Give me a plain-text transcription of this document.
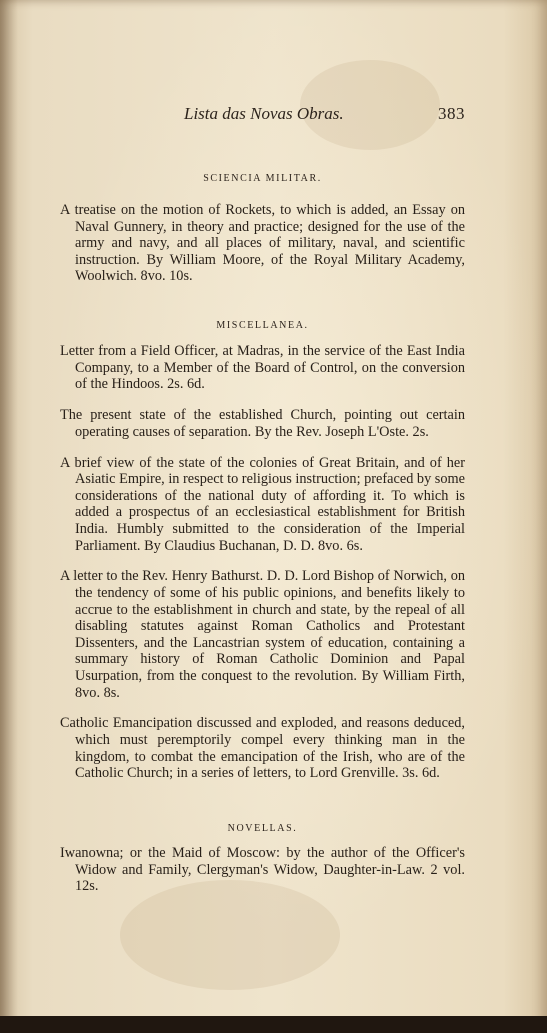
Lista das Novas Obras.	383
SCIENCIA MILITAR.

A treatise on the motion of Rockets, to which is added, an Essay on Naval Gunnery, in theory and practice; designed for the use of the army and navy, and all places of military, naval, and scientific instruction. By William Moore, of the Royal Military Academy, Woolwich. 8vo. 10s.

MISCELLANEA.

Letter from a Field Officer, at Madras, in the service of the East India Company, to a Member of the Board of Control, on the conversion of the Hindoos. 2s. 6d.

The present state of the established Church, pointing out certain operating causes of separation. By the Rev. Joseph L'Oste. 2s.

A brief view of the state of the colonies of Great Britain, and of her Asiatic Empire, in respect to religious instruction; prefaced by some considerations of the national duty of affording it. To which is added a prospectus of an ecclesiastical establishment for British India. Humbly submitted to the consideration of the Imperial Parliament. By Claudius Buchanan, D. D. 8vo. 6s.

A letter to the Rev. Henry Bathurst. D. D. Lord Bishop of Norwich, on the tendency of some of his public opinions, and benefits likely to accrue to the establishment in church and state, by the repeal of all disabling statutes against Roman Catholics and Protestant Dissenters, and the Lancastrian system of education, containing a summary history of Roman Catholic Dominion and Papal Usurpation, from the conquest to the revolution. By William Firth, 8vo. 8s.

Catholic Emancipation discussed and exploded, and reasons deduced, which must peremptorily compel every thinking man in the kingdom, to combat the emancipation of the Irish, who are of the Catholic Church; in a series of letters, to Lord Grenville. 3s. 6d.

NOVELLAS.

Iwanowna; or the Maid of Moscow: by the author of the Officer's Widow and Family, Clergyman's Widow, Daughter-in-Law. 2 vol. 12s.
